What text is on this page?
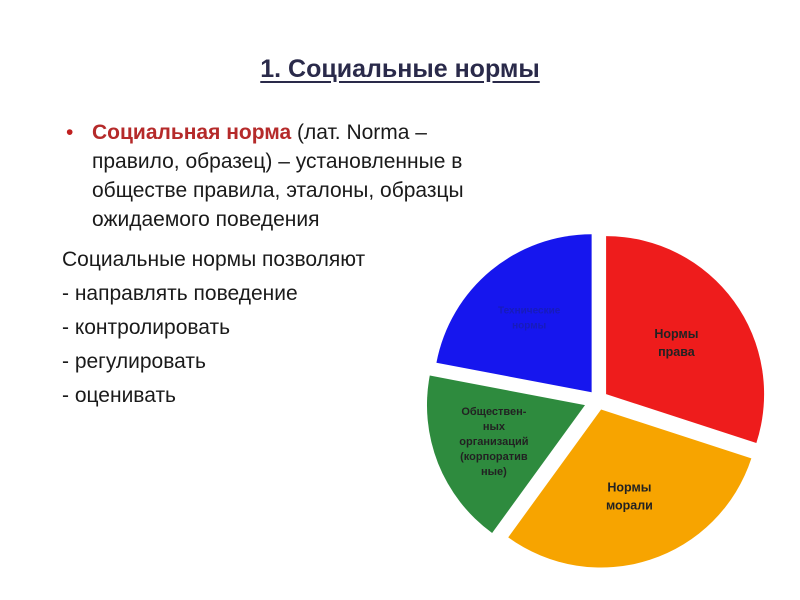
1. Социальные нормы

• Социальная норма (лат. Norma –
правило, образец) – установленные в
обществе правила, эталоны, образцы
ожидаемого поведения

Социальные нормы позволяют
- направлять поведение
- контролировать
- регулировать
- оценивать
Нормы права
Нормы морали
Обществен-ных организаций (корпоратив ные)
Технические нормы
